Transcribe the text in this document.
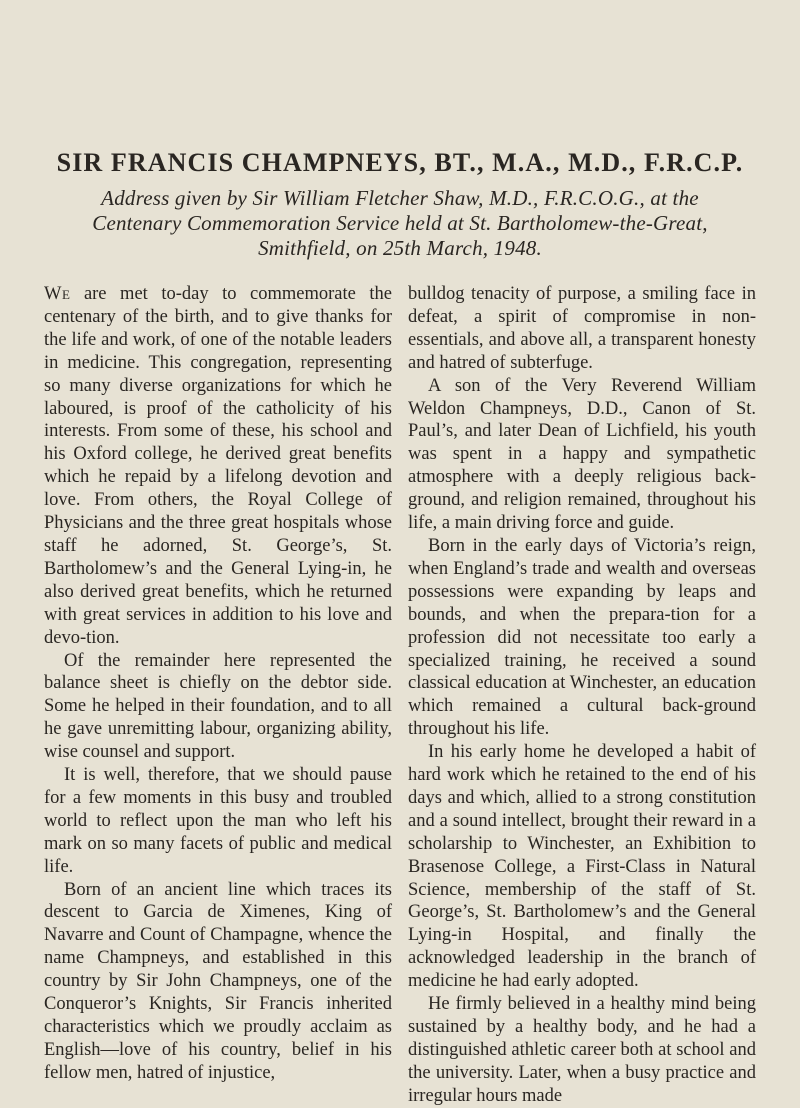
SIR FRANCIS CHAMPNEYS, BT., M.A., M.D., F.R.C.P.
Address given by Sir William Fletcher Shaw, M.D., F.R.C.O.G., at the
Centenary Commemoration Service held at St. Bartholomew-the-Great,
Smithfield, on 25th March, 1948.

We are met to-day to commemorate the centenary of the birth, and to give thanks for the life and work, of one of the notable leaders in medicine. This congregation, representing so many diverse organizations for which he laboured, is proof of the catholicity of his interests. From some of these, his school and his Oxford college, he derived great benefits which he repaid by a lifelong devotion and love. From others, the Royal College of Physicians and the three great hospitals whose staff he adorned, St. George’s, St. Bartholomew’s and the General Lying-in, he also derived great benefits, which he returned with great services in addition to his love and devo-tion.

Of the remainder here represented the balance sheet is chiefly on the debtor side. Some he helped in their foundation, and to all he gave unremitting labour, organizing ability, wise counsel and support.

It is well, therefore, that we should pause for a few moments in this busy and troubled world to reflect upon the man who left his mark on so many facets of public and medical life.

Born of an ancient line which traces its descent to Garcia de Ximenes, King of Navarre and Count of Champagne, whence the name Champneys, and established in this country by Sir John Champneys, one of the Conqueror’s Knights, Sir Francis inherited characteristics which we proudly acclaim as English—love of his country, belief in his fellow men, hatred of injustice,

bulldog tenacity of purpose, a smiling face in defeat, a spirit of compromise in non-essentials, and above all, a transparent honesty and hatred of subterfuge.

A son of the Very Reverend William Weldon Champneys, D.D., Canon of St. Paul’s, and later Dean of Lichfield, his youth was spent in a happy and sympathetic atmosphere with a deeply religious back-ground, and religion remained, throughout his life, a main driving force and guide.

Born in the early days of Victoria’s reign, when England’s trade and wealth and overseas possessions were expanding by leaps and bounds, and when the prepara-tion for a profession did not necessitate too early a specialized training, he received a sound classical education at Winchester, an education which remained a cultural back-ground throughout his life.

In his early home he developed a habit of hard work which he retained to the end of his days and which, allied to a strong constitution and a sound intellect, brought their reward in a scholarship to Winchester, an Exhibition to Brasenose College, a First-Class in Natural Science, membership of the staff of St. George’s, St. Bartholomew’s and the General Lying-in Hospital, and finally the acknowledged leadership in the branch of medicine he had early adopted.

He firmly believed in a healthy mind being sustained by a healthy body, and he had a distinguished athletic career both at school and the university. Later, when a busy practice and irregular hours made
